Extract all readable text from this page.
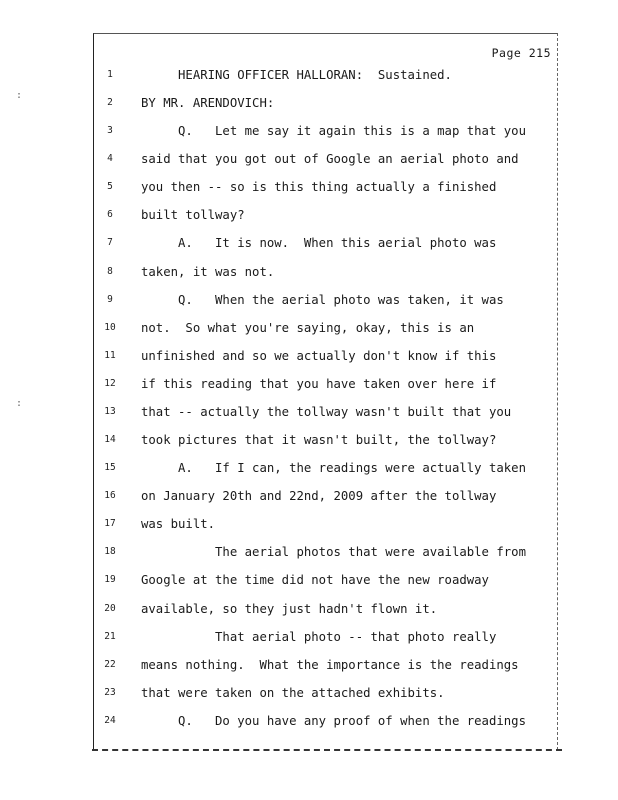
Page 215
1	HEARING OFFICER HALLORAN:  Sustained.
2	BY MR. ARENDOVICH:
3	Q.   Let me say it again this is a map that you
4	said that you got out of Google an aerial photo and
5	you then -- so is this thing actually a finished
6	built tollway?
7	A.   It is now.  When this aerial photo was
8	taken, it was not.
9	Q.   When the aerial photo was taken, it was
10	not.  So what you're saying, okay, this is an
11	unfinished and so we actually don't know if this
12	if this reading that you have taken over here if
13	that -- actually the tollway wasn't built that you
14	took pictures that it wasn't built, the tollway?
15	A.   If I can, the readings were actually taken
16	on January 20th and 22nd, 2009 after the tollway
17	was built.
18	The aerial photos that were available from
19	Google at the time did not have the new roadway
20	available, so they just hadn't flown it.
21	That aerial photo -- that photo really
22	means nothing.  What the importance is the readings
23	that were taken on the attached exhibits.
24	Q.   Do you have any proof of when the readings
:
:
